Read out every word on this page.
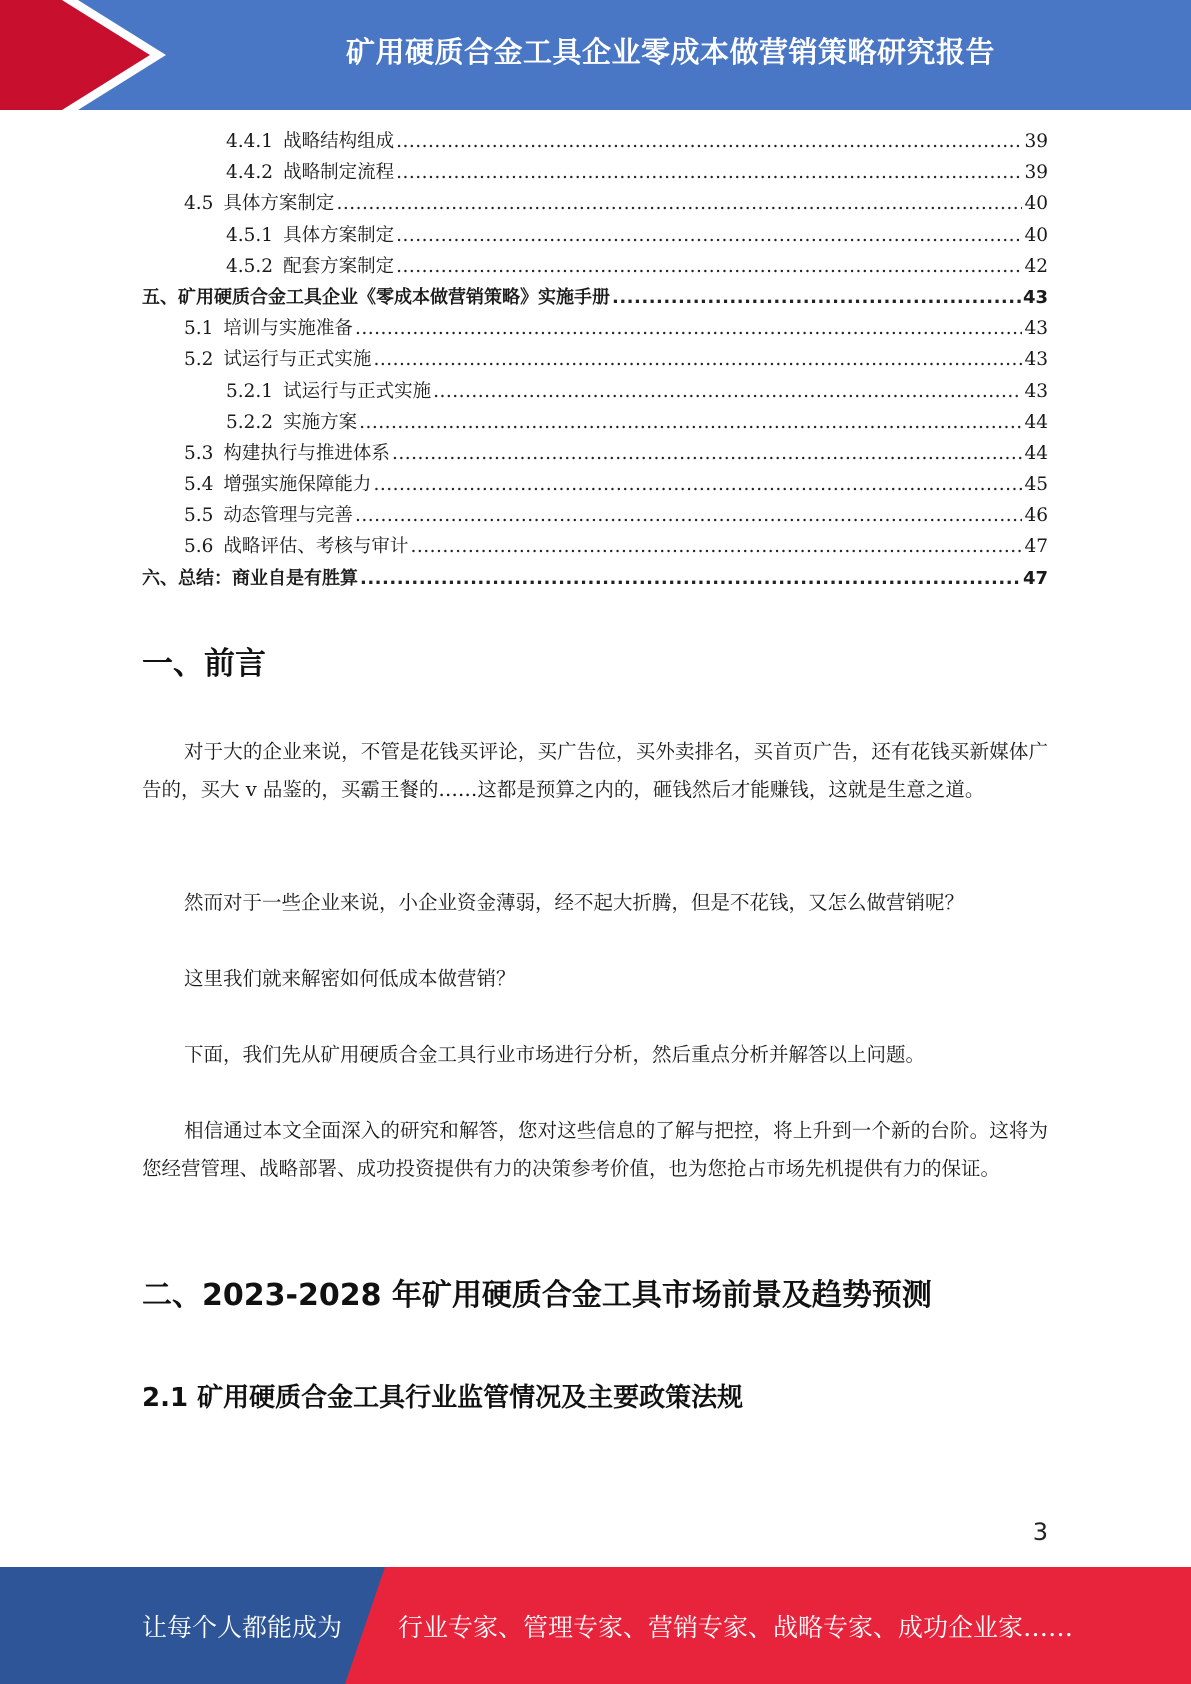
矿用硬质合金工具企业零成本做营销策略研究报告
4.4.1 战略结构组成 .....	39
4.4.2 战略制定流程 .....	39
4.5 具体方案制定 .....	40
4.5.1 具体方案制定 .....	40
4.5.2 配套方案制定 .....	42
五、矿用硬质合金工具企业《零成本做营销策略》实施手册 .....	43
5.1 培训与实施准备 .....	43
5.2 试运行与正式实施 .....	43
5.2.1 试运行与正式实施 .....	43
5.2.2 实施方案 .....	44
5.3 构建执行与推进体系 .....	44
5.4 增强实施保障能力 .....	45
5.5 动态管理与完善 .....	46
5.6 战略评估、考核与审计 .....	47
六、总结：商业自是有胜算 .....	47
一、前言
对于大的企业来说，不管是花钱买评论，买广告位，买外卖排名，买首页广告，还有花钱买新媒体广告的，买大 v 品鉴的，买霸王餐的……这都是预算之内的，砸钱然后才能赚钱，这就是生意之道。
然而对于一些企业来说，小企业资金薄弱，经不起大折腾，但是不花钱，又怎么做营销呢？
这里我们就来解密如何低成本做营销？
下面，我们先从矿用硬质合金工具行业市场进行分析，然后重点分析并解答以上问题。
相信通过本文全面深入的研究和解答，您对这些信息的了解与把控，将上升到一个新的台阶。这将为您经营管理、战略部署、成功投资提供有力的决策参考价值，也为您抢占市场先机提供有力的保证。
二、2023-2028 年矿用硬质合金工具市场前景及趋势预测
2.1 矿用硬质合金工具行业监管情况及主要政策法规
3
让每个人都能成为 行业专家、管理专家、营销专家、战略专家、成功企业家……
